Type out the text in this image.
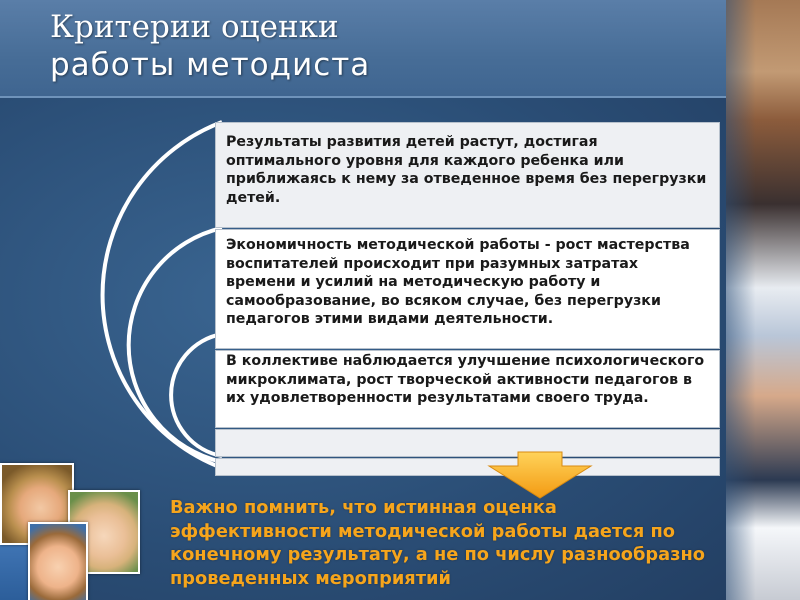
Критерии оценки
работы методиста
Результаты развития детей растут, достигая оптимального уровня для каждого ребенка или приближаясь к нему за отведенное время без перегрузки детей.
Экономичность методической работы - рост мастерства воспитателей происходит при разумных затратах времени и усилий на методическую работу и самообразование, во всяком случае, без перегрузки педагогов этими видами деятельности.
В коллективе наблюдается улучшение психологического микроклимата, рост творческой активности педагогов в их удовлетворенности результатами своего труда.
Важно помнить, что истинная оценка эффективности методической работы дается по конечному результату, а не по числу разнообразно проведенных мероприятий
